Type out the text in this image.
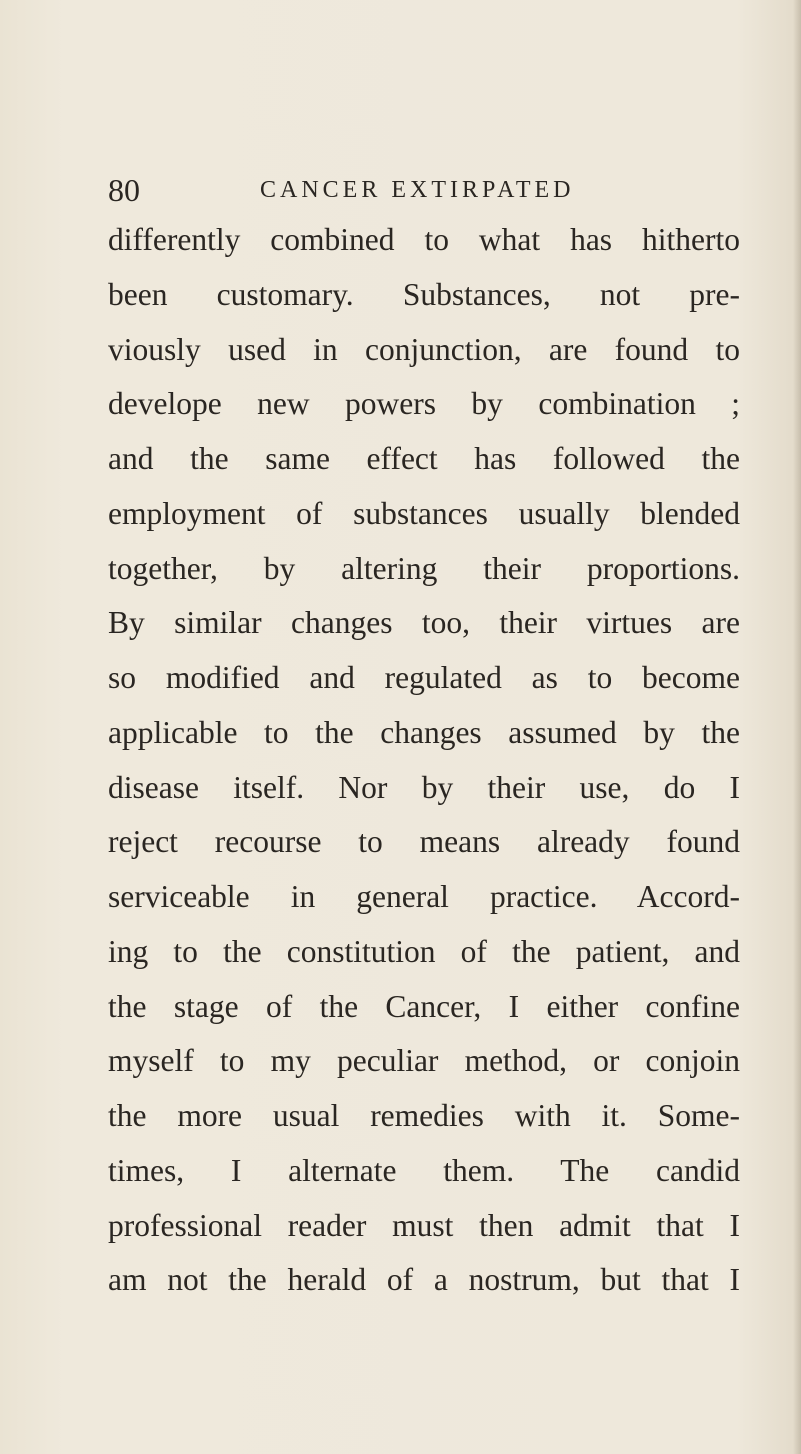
80	CANCER EXTIRPATED
differently combined to what has hitherto
been customary. Substances, not pre-
viously used in conjunction, are found to
develope new powers by combination ;
and the same effect has followed the
employment of substances usually blended
together, by altering their proportions.
By similar changes too, their virtues are
so modified and regulated as to become
applicable to the changes assumed by the
disease itself. Nor by their use, do I
reject recourse to means already found
serviceable in general practice. Accord-
ing to the constitution of the patient, and
the stage of the Cancer, I either confine
myself to my peculiar method, or conjoin
the more usual remedies with it. Some-
times, I alternate them. The candid
professional reader must then admit that I
am not the herald of a nostrum, but that I
